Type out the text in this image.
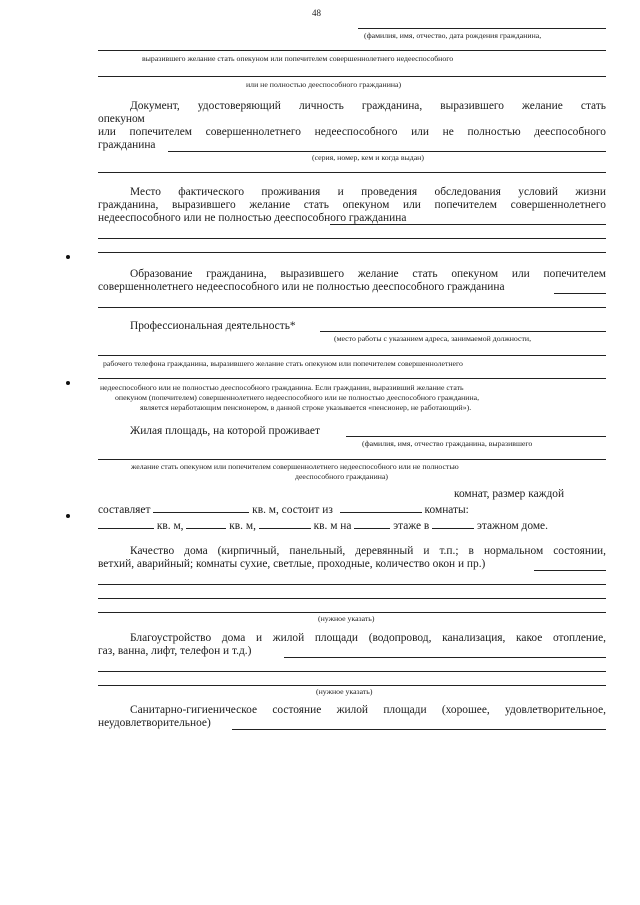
48
(фамилия, имя, отчество, дата рождения гражданина,
выразившего желание стать опекуном или попечителем совершеннолетнего недееспособного
или не полностью дееспособного гражданина)
Документ, удостоверяющий личность гражданина, выразившего желание стать
опекуном
или попечителем совершеннолетнего недееспособного или не полностью дееспособного
гражданина
(серия, номер, кем и когда выдан)
Место фактического проживания и проведения обследования условий жизни
гражданина, выразившего желание стать опекуном или попечителем совершеннолетнего
недееспособного или не полностью дееспособного гражданина
Образование гражданина, выразившего желание стать опекуном или попечителем
совершеннолетнего недееспособного или не полностью дееспособного гражданина
Профессиональная деятельность*
(место работы с указанием адреса, занимаемой должности,
рабочего телефона гражданина, выразившего желание стать опекуном или попечителем совершеннолетнего
недееспособного или не полностью дееспособного гражданина. Если гражданин, выразивший желание стать
опекуном (попечителем) совершеннолетнего недееспособного или не полностью дееспособного гражданина,
является неработающим пенсионером, в данной строке указывается «пенсионер, не работающий»).
Жилая площадь, на которой проживает
(фамилия, имя, отчество гражданина, выразившего
желание стать опекуном или попечителем совершеннолетнего недееспособного или не полностью
дееспособного гражданина)
комнат, размер каждой
составляет	кв. м, состоит из	комнаты:
кв. м,	кв. м,	кв. м на	этаже в	этажном доме.
Качество дома (кирпичный, панельный, деревянный и т.п.; в нормальном состоянии,
ветхий, аварийный; комнаты сухие, светлые, проходные, количество окон и пр.)
(нужное указать)
Благоустройство дома и жилой площади (водопровод, канализация, какое отопление,
газ, ванна, лифт, телефон и т.д.)
(нужное указать)
Санитарно-гигиеническое состояние жилой площади (хорошее, удовлетворительное,
неудовлетворительное)
